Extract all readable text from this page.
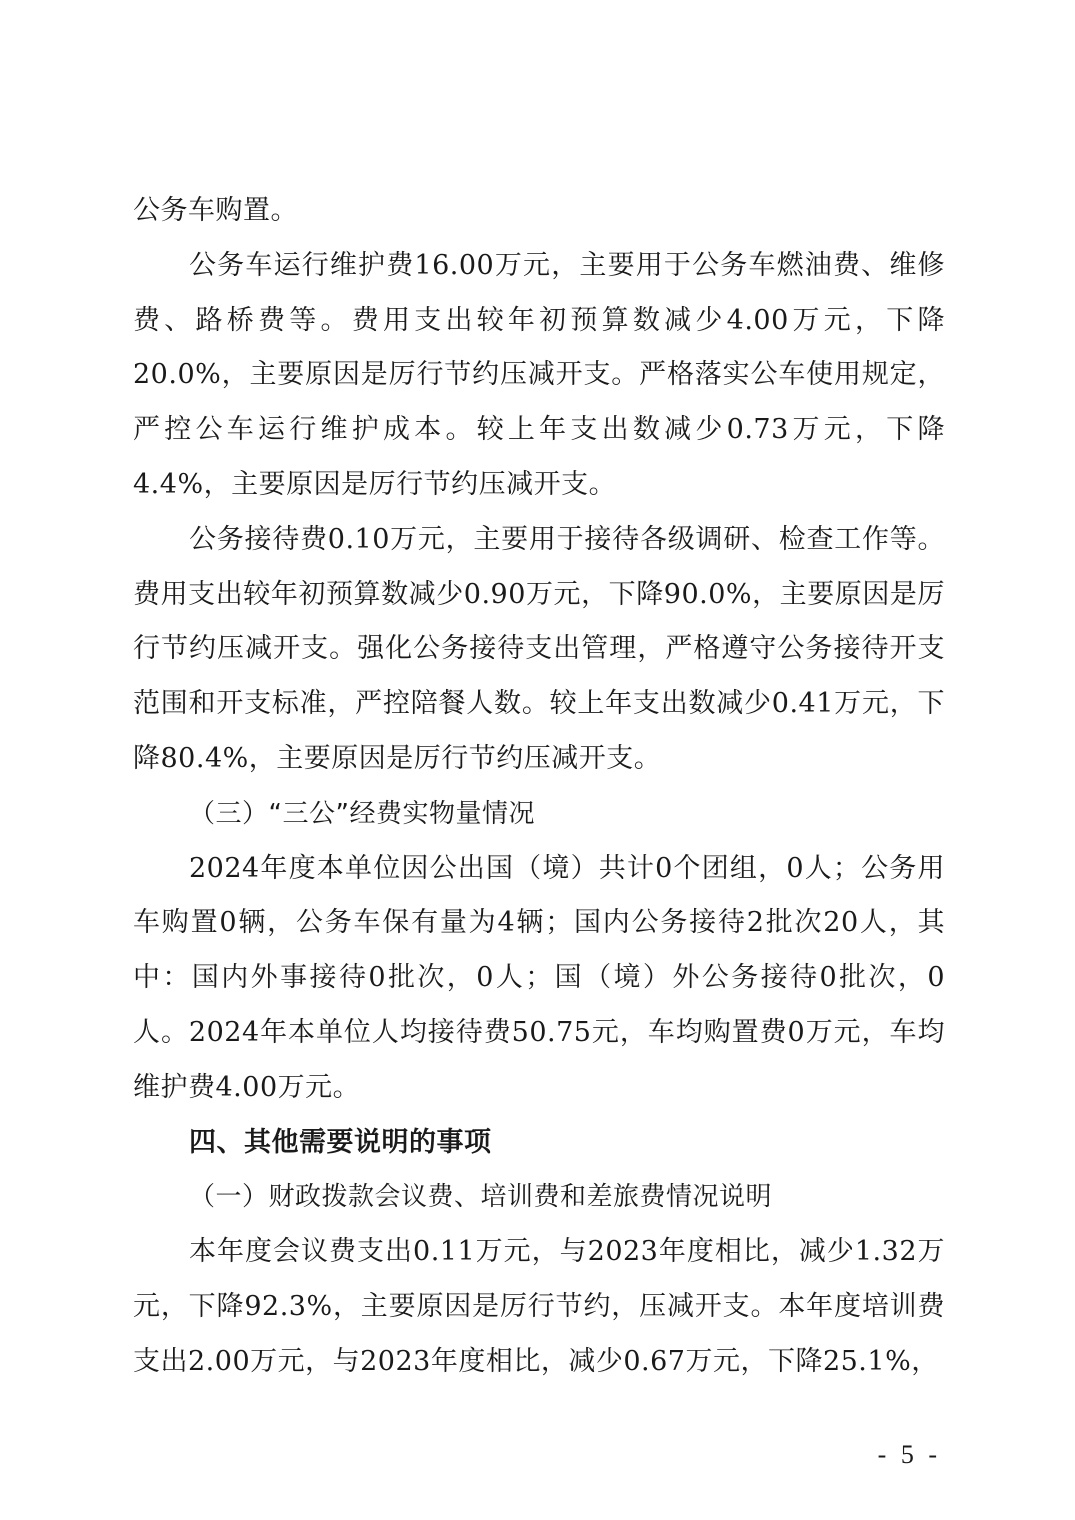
公务车购置。

公务车运行维护费16.00万元，主要用于公务车燃油费、维修费、路桥费等。费用支出较年初预算数减少4.00万元，下降20.0%，主要原因是厉行节约压减开支。严格落实公车使用规定，严控公车运行维护成本。较上年支出数减少0.73万元，下降4.4%，主要原因是厉行节约压减开支。

公务接待费0.10万元，主要用于接待各级调研、检查工作等。费用支出较年初预算数减少0.90万元，下降90.0%，主要原因是厉行节约压减开支。强化公务接待支出管理，严格遵守公务接待开支范围和开支标准，严控陪餐人数。较上年支出数减少0.41万元，下降80.4%，主要原因是厉行节约压减开支。

（三）“三公”经费实物量情况

2024年度本单位因公出国（境）共计0个团组，0人；公务用车购置0辆，公务车保有量为4辆；国内公务接待2批次20人，其中：国内外事接待0批次，0人；国（境）外公务接待0批次，0人。2024年本单位人均接待费50.75元，车均购置费0万元，车均维护费4.00万元。

四、其他需要说明的事项

（一）财政拨款会议费、培训费和差旅费情况说明

本年度会议费支出0.11万元，与2023年度相比，减少1.32万元，下降92.3%，主要原因是厉行节约，压减开支。本年度培训费支出2.00万元，与2023年度相比，减少0.67万元，下降25.1%，

- 5 -
